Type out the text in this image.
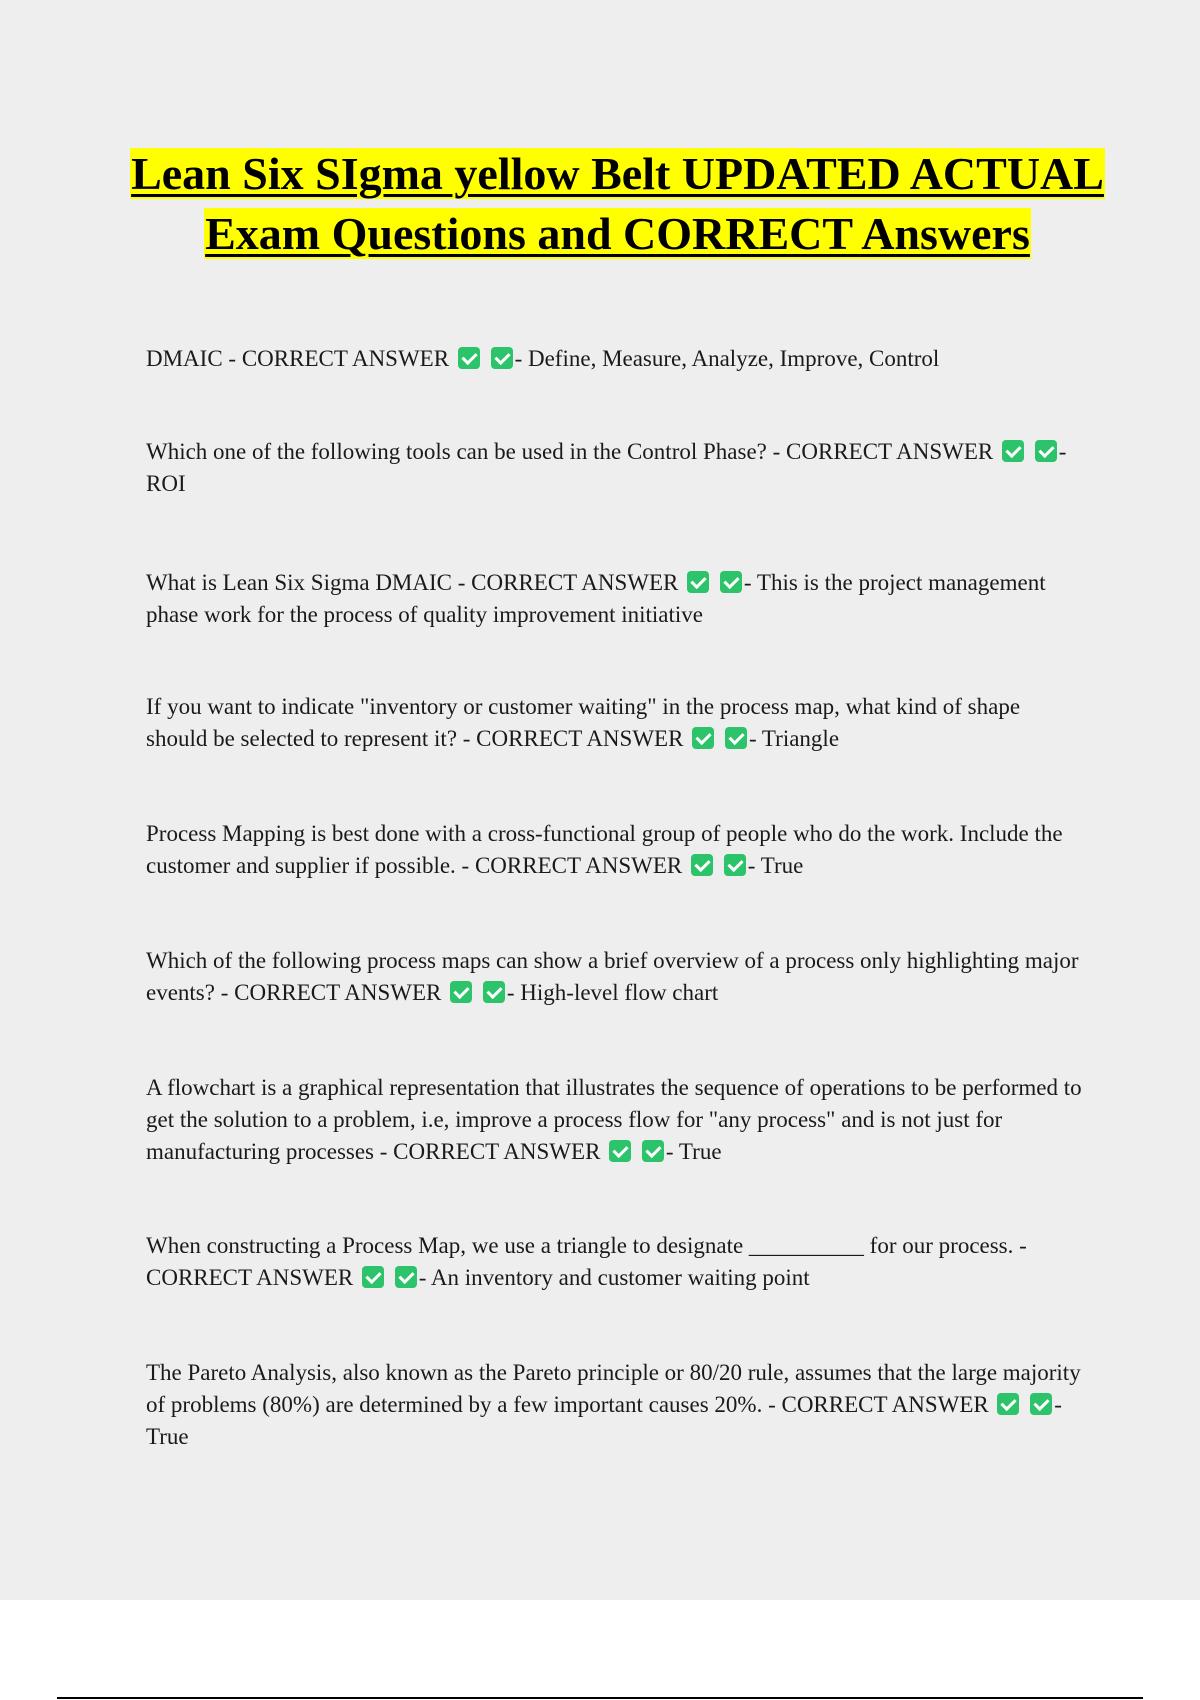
Lean Six SIgma yellow Belt UPDATED ACTUAL Exam Questions and CORRECT Answers

DMAIC - CORRECT ANSWER	- Define, Measure, Analyze, Improve, Control

Which one of the following tools can be used in the Control Phase? - CORRECT ANSWER	- ROI

What is Lean Six Sigma DMAIC - CORRECT ANSWER	- This is the project management phase work for the process of quality improvement initiative

If you want to indicate "inventory or customer waiting" in the process map, what kind of shape should be selected to represent it? - CORRECT ANSWER	- Triangle

Process Mapping is best done with a cross-functional group of people who do the work. Include the customer and supplier if possible. - CORRECT ANSWER	- True

Which of the following process maps can show a brief overview of a process only highlighting major events? - CORRECT ANSWER	- High-level flow chart

A flowchart is a graphical representation that illustrates the sequence of operations to be performed to get the solution to a problem, i.e, improve a process flow for "any process" and is not just for manufacturing processes - CORRECT ANSWER	- True

When constructing a Process Map, we use a triangle to designate __________ for our process. - CORRECT ANSWER	- An inventory and customer waiting point

The Pareto Analysis, also known as the Pareto principle or 80/20 rule, assumes that the large majority of problems (80%) are determined by a few important causes 20%. - CORRECT ANSWER	- True
